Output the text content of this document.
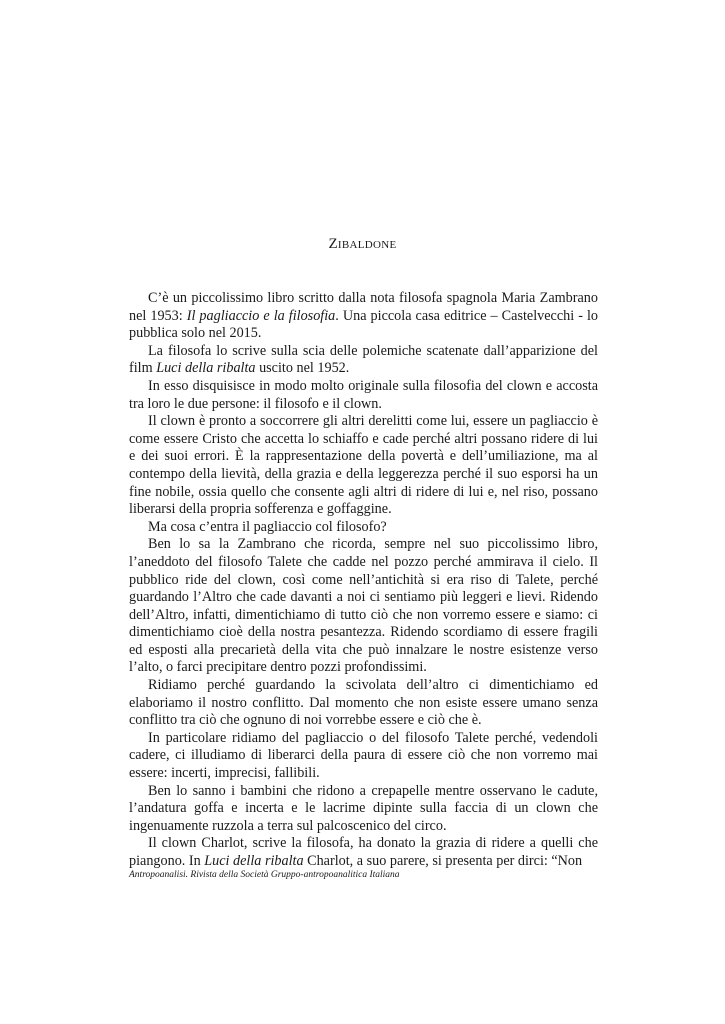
Zibaldone

C’è un piccolissimo libro scritto dalla nota filosofa spagnola Maria Zambrano nel 1953: Il pagliaccio e la filosofia. Una piccola casa editrice – Castelvecchi - lo pubblica solo nel 2015.

La filosofa lo scrive sulla scia delle polemiche scatenate dall’apparizione del film Luci della ribalta uscito nel 1952.

In esso disquisisce in modo molto originale sulla filosofia del clown e accosta tra loro le due persone: il filosofo e il clown.

Il clown è pronto a soccorrere gli altri derelitti come lui, essere un pagliaccio è come essere Cristo che accetta lo schiaffo e cade perché altri possano ridere di lui e dei suoi errori. È la rappresentazione della povertà e dell’umiliazione, ma al contempo della lievità, della grazia e della leggerezza perché il suo esporsi ha un fine nobile, ossia quello che consente agli altri di ridere di lui e, nel riso, possano liberarsi della propria sofferenza e goffaggine.

Ma cosa c’entra il pagliaccio col filosofo?

Ben lo sa la Zambrano che ricorda, sempre nel suo piccolissimo libro, l’aneddoto del filosofo Talete che cadde nel pozzo perché ammirava il cielo. Il pubblico ride del clown, così come nell’antichità si era riso di Talete, perché guardando l’Altro che cade davanti a noi ci sentiamo più leggeri e lievi. Ridendo dell’Altro, infatti, dimentichiamo di tutto ciò che non vorremo essere e siamo: ci dimentichiamo cioè della nostra pesantezza. Ridendo scordiamo di essere fragili ed esposti alla precarietà della vita che può innalzare le nostre esistenze verso l’alto, o farci precipitare dentro pozzi profondissimi.

Ridiamo perché guardando la scivolata dell’altro ci dimentichiamo ed elaboriamo il nostro conflitto. Dal momento che non esiste essere umano senza conflitto tra ciò che ognuno di noi vorrebbe essere e ciò che è.

In particolare ridiamo del pagliaccio o del filosofo Talete perché, vedendoli cadere, ci illudiamo di liberarci della paura di essere ciò che non vorremo mai essere: incerti, imprecisi, fallibili.

Ben lo sanno i bambini che ridono a crepapelle mentre osservano le cadute, l’andatura goffa e incerta e le lacrime dipinte sulla faccia di un clown che ingenuamente ruzzola a terra sul palcoscenico del circo.

Il clown Charlot, scrive la filosofa, ha donato la grazia di ridere a quelli che piangono. In Luci della ribalta Charlot, a suo parere, si presenta per dirci: “Non

Antropoanalisi. Rivista della Società Gruppo-antropoanalitica Italiana
